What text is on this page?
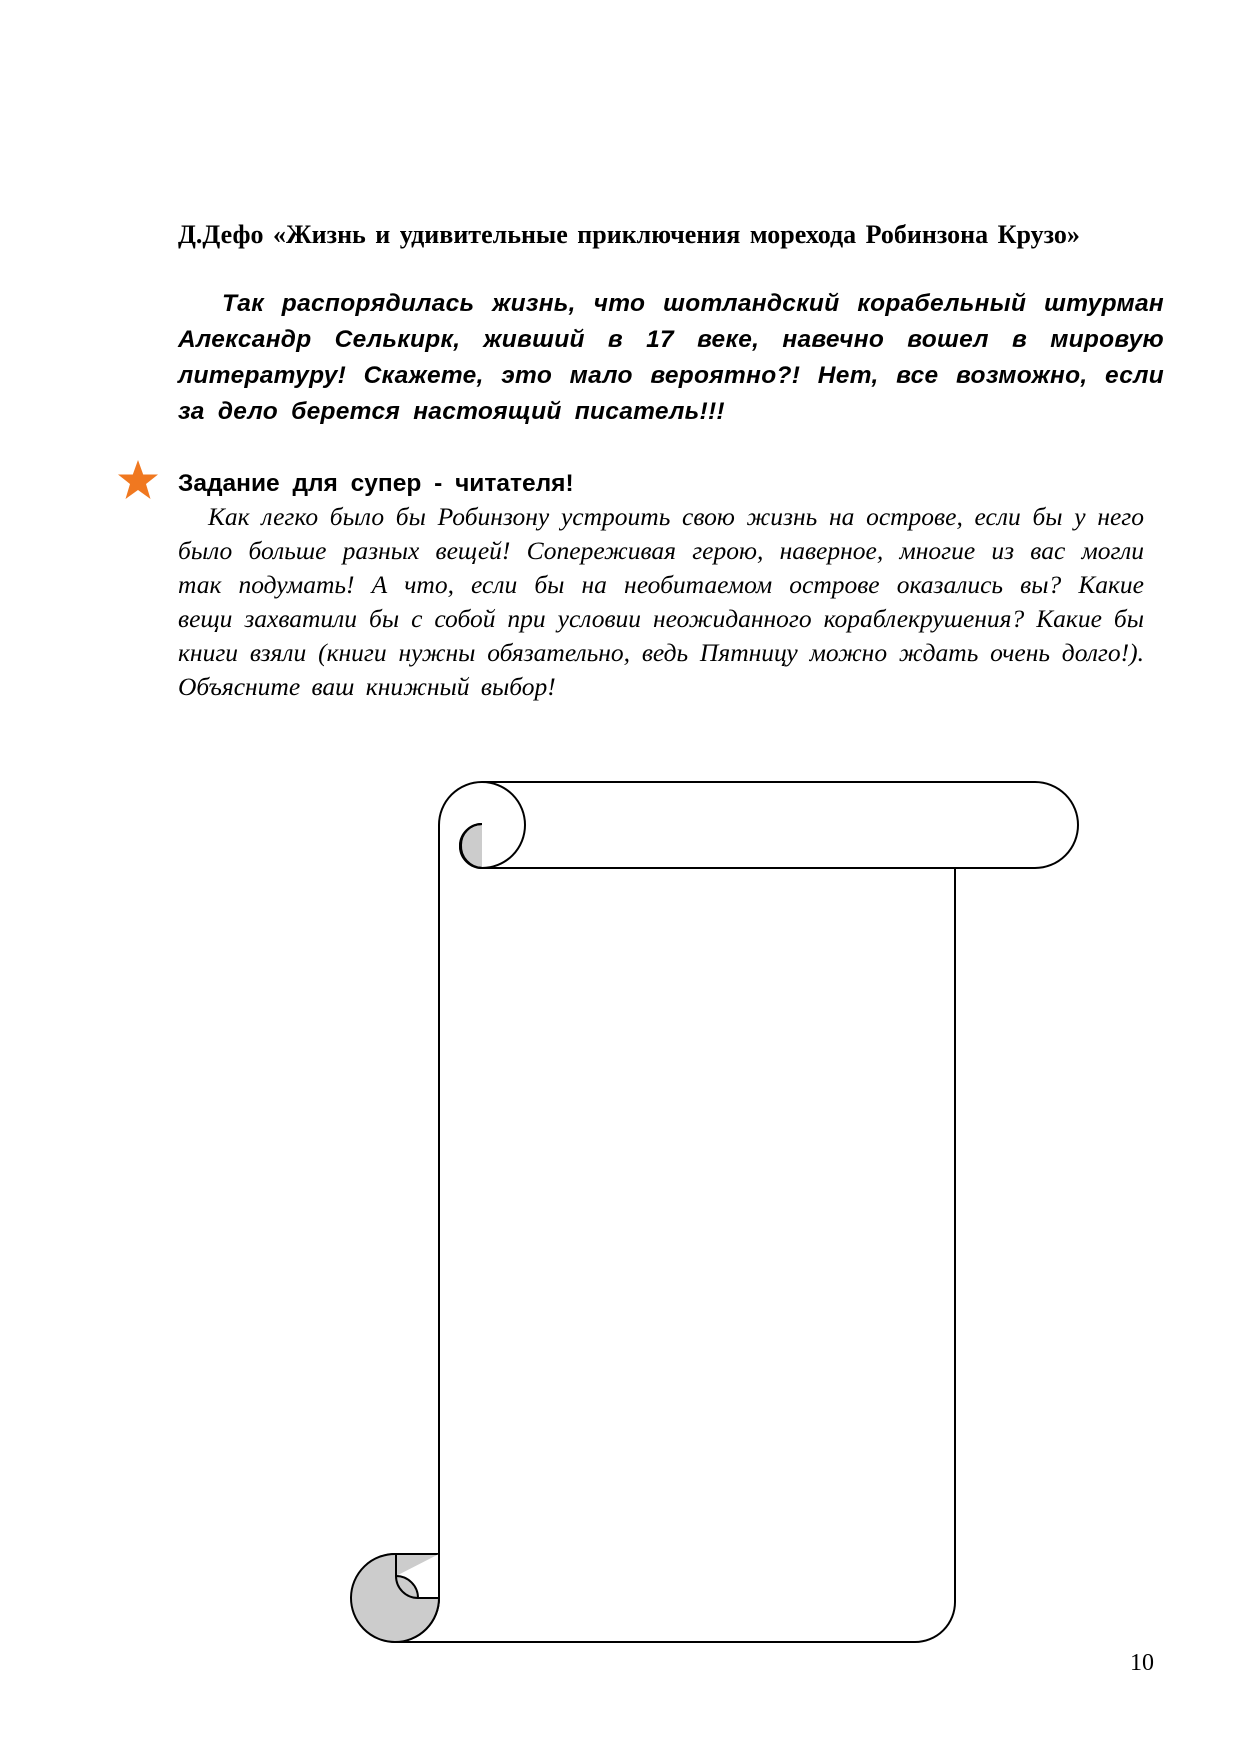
Д.Дефо «Жизнь и удивительные приключения морехода Робинзона Крузо»
Так распорядилась жизнь, что шотландский корабельный штурман Александр Селькирк, живший в 17 веке, навечно вошел в мировую литературу! Скажете, это мало вероятно?! Нет, все возможно, если за дело берется настоящий писатель!!!
Задание для супер - читателя!
Как легко было бы Робинзону устроить свою жизнь на острове, если бы у него было больше разных вещей! Сопереживая герою, наверное, многие из вас могли так подумать! А что, если бы на необитаемом острове оказались вы? Какие вещи захватили бы с собой при условии неожиданного кораблекрушения? Какие бы книги взяли (книги нужны обязательно, ведь Пятницу можно ждать очень долго!). Объясните ваш книжный выбор!
10
